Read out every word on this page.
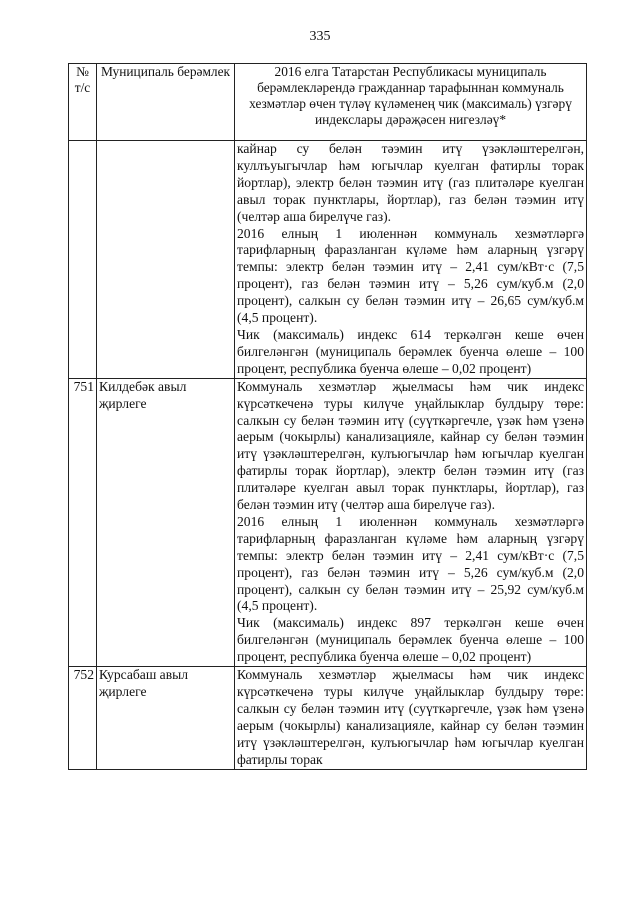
335
№ т/с	Муниципаль берәмлек	2016 елга Татарстан Республикасы муниципаль берәмлекләрендә гражданнар тарафыннан коммуналь хезмәтләр өчен түләү күләменең чик (максималь) үзгәрү индекслары дәрәҗәсен нигезләү*

		кайнар су белән тәэмин итү үзәкләштерелгән, куллъуыгычлар һәм югычлар куелган фатирлы торак йортлар), электр белән тәэмин итү (газ плитәләре куелган авыл торак пунктлары, йортлар), газ белән тәэмин итү (челтәр аша бирелүче газ).

2016 елның 1 июленнән коммуналь хезмәтләргә тарифларның фаразланган күләме һәм аларның үзгәрү темпы: электр белән тәэмин итү – 2,41 сум/кВт·с (7,5 процент), газ белән тәэмин итү – 5,26 сум/куб.м (2,0 процент), салкын су белән тәэмин итү – 26,65 сум/куб.м (4,5 процент).

Чик (максималь) индекс 614 теркәлгән кеше өчен билгеләнгән (муниципаль берәмлек буенча өлеше – 100 процент, республика буенча өлеше – 0,02 процент)

751	Килдебәк авыл җирлеге	Коммуналь хезмәтләр җыелмасы һәм чик индекс күрсәткеченә туры килүче уңайлыклар булдыру төре: салкын су белән тәэмин итү (суүткәргечле, үзәк һәм үзенә аерым (чокырлы) канализацияле, кайнар су белән тәэмин итү үзәкләштерелгән, кулъюгычлар һәм югычлар куелган фатирлы торак йортлар), электр белән тәэмин итү (газ плитәләре куелган авыл торак пунктлары, йортлар), газ белән тәэмин итү (челтәр аша бирелүче газ).

2016 елның 1 июленнән коммуналь хезмәтләргә тарифларның фаразланган күләме һәм аларның үзгәрү темпы: электр белән тәэмин итү – 2,41 сум/кВт·с (7,5 процент), газ белән тәэмин итү – 5,26 сум/куб.м (2,0 процент), салкын су белән тәэмин итү – 25,92 сум/куб.м (4,5 процент).

Чик (максималь) индекс 897 теркәлгән кеше өчен билгеләнгән (муниципаль берәмлек буенча өлеше – 100 процент, республика буенча өлеше – 0,02 процент)

752	Курсабаш авыл җирлеге	Коммуналь хезмәтләр җыелмасы һәм чик индекс күрсәткеченә туры килүче уңайлыклар булдыру төре: салкын су белән тәэмин итү (суүткәргечле, үзәк һәм үзенә аерым (чокырлы) канализацияле, кайнар су белән тәэмин итү үзәкләштерелгән, кулъюгычлар һәм югычлар куелган фатирлы торак
